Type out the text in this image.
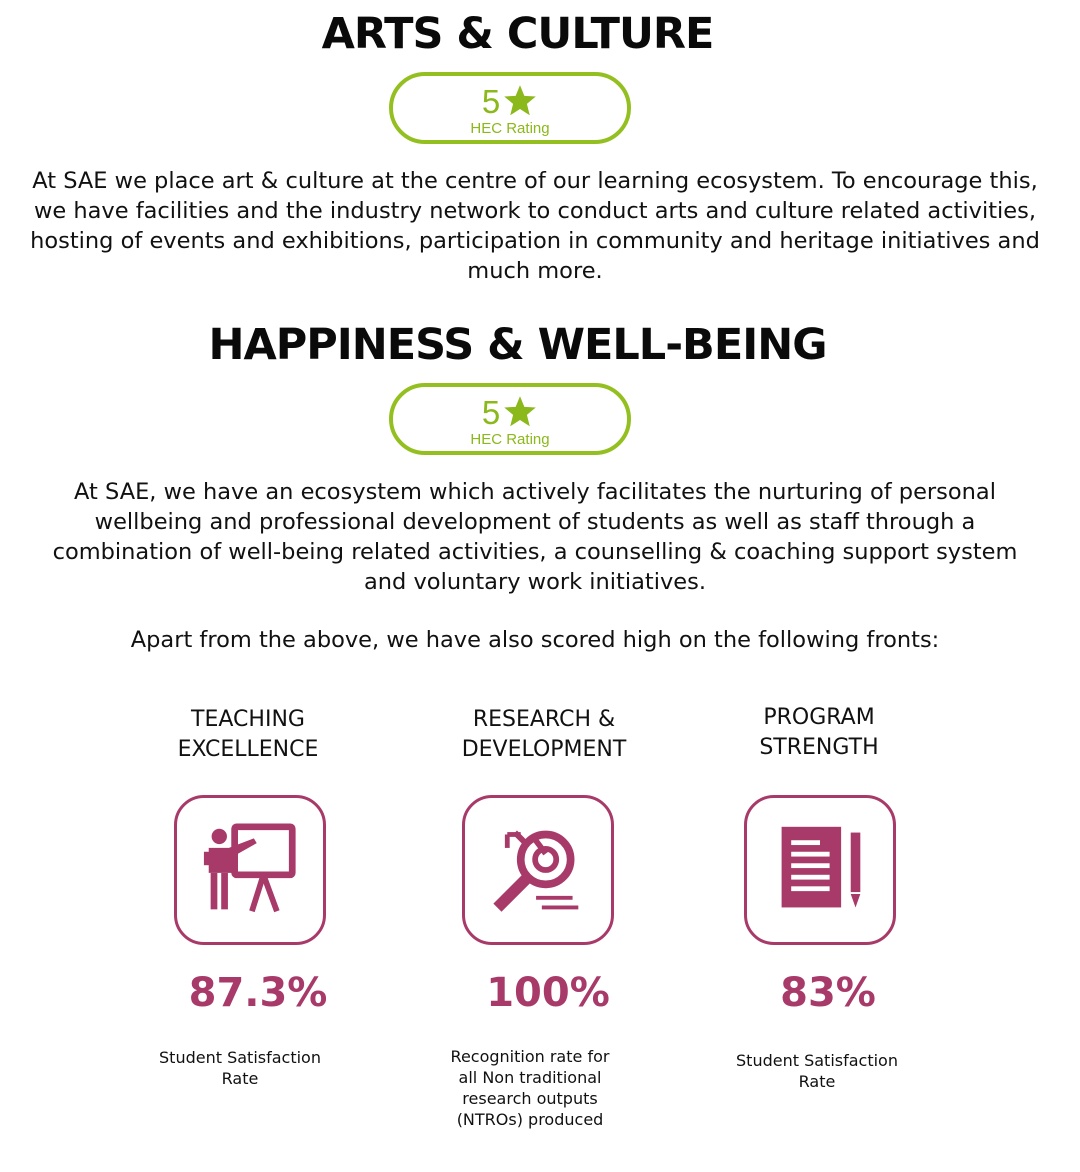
ARTS & CULTURE
5
HEC Rating

At SAE we place art & culture at the centre of our learning ecosystem. To encourage this, we have facilities and the industry network to conduct arts and culture related activities, hosting of events and exhibitions, participation in community and heritage initiatives and much more.

HAPPINESS & WELL-BEING
5
HEC Rating

At SAE, we have an ecosystem which actively facilitates the nurturing of personal wellbeing and professional development of students as well as staff through a combination of well-being related activities, a counselling & coaching support system and voluntary work initiatives.

Apart from the above, we have also scored high on the following fronts:

TEACHING
EXCELLENCE
87.3%
Student Satisfaction
Rate
RESEARCH &
DEVELOPMENT
100%
Recognition rate for
all Non traditional
research outputs
(NTROs) produced
PROGRAM
STRENGTH
83%
Student Satisfaction
Rate
